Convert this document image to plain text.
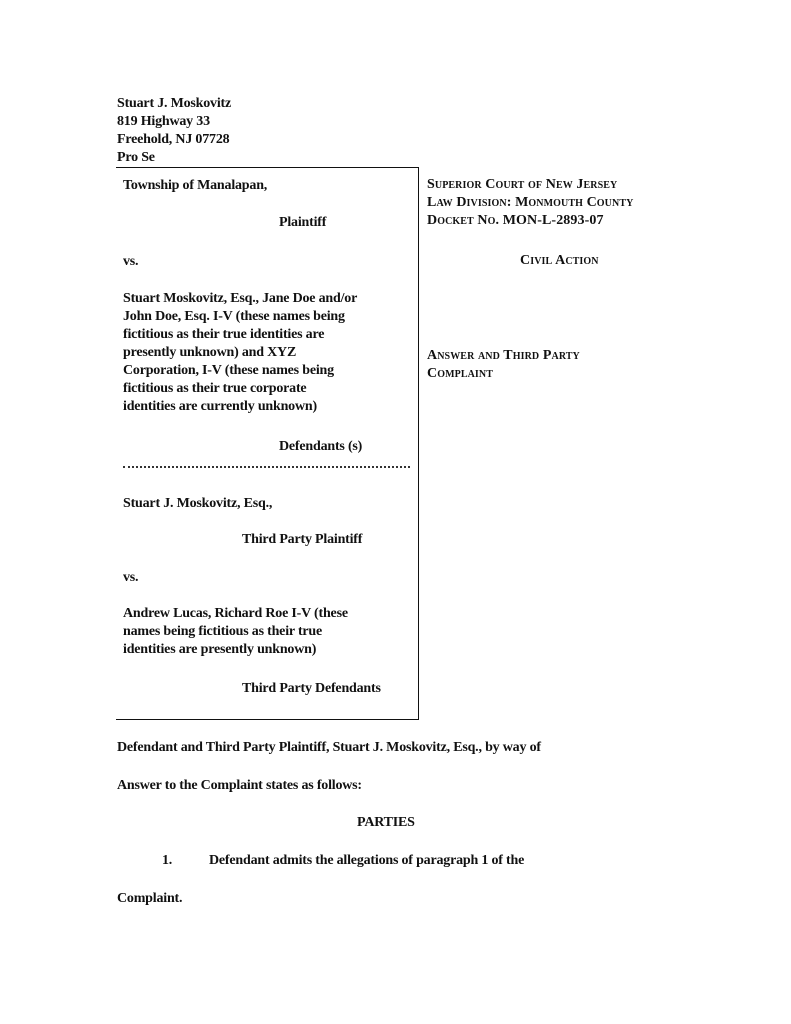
Stuart J. Moskovitz
819 Highway 33
Freehold, NJ 07728
Pro Se
Township of Manalapan,
Plaintiff
vs.
Stuart Moskovitz, Esq., Jane Doe and/or
John Doe, Esq. I-V (these names being
fictitious as their true identities are
presently unknown) and XYZ
Corporation, I-V (these names being
fictitious as their true corporate
identities are currently unknown)
Defendants (s)
Stuart J. Moskovitz, Esq.,
Third Party Plaintiff
vs.
Andrew Lucas, Richard Roe I-V (these
names being fictitious as their true
identities are presently unknown)
Third Party Defendants
Superior Court of New Jersey
Law Division: Monmouth County
Docket No. MON-L-2893-07
Civil Action
Answer and Third Party
Complaint
Defendant and Third Party Plaintiff, Stuart J. Moskovitz, Esq., by way of
Answer to the Complaint states as follows:
PARTIES
1.	Defendant admits the allegations of paragraph 1 of the
Complaint.
